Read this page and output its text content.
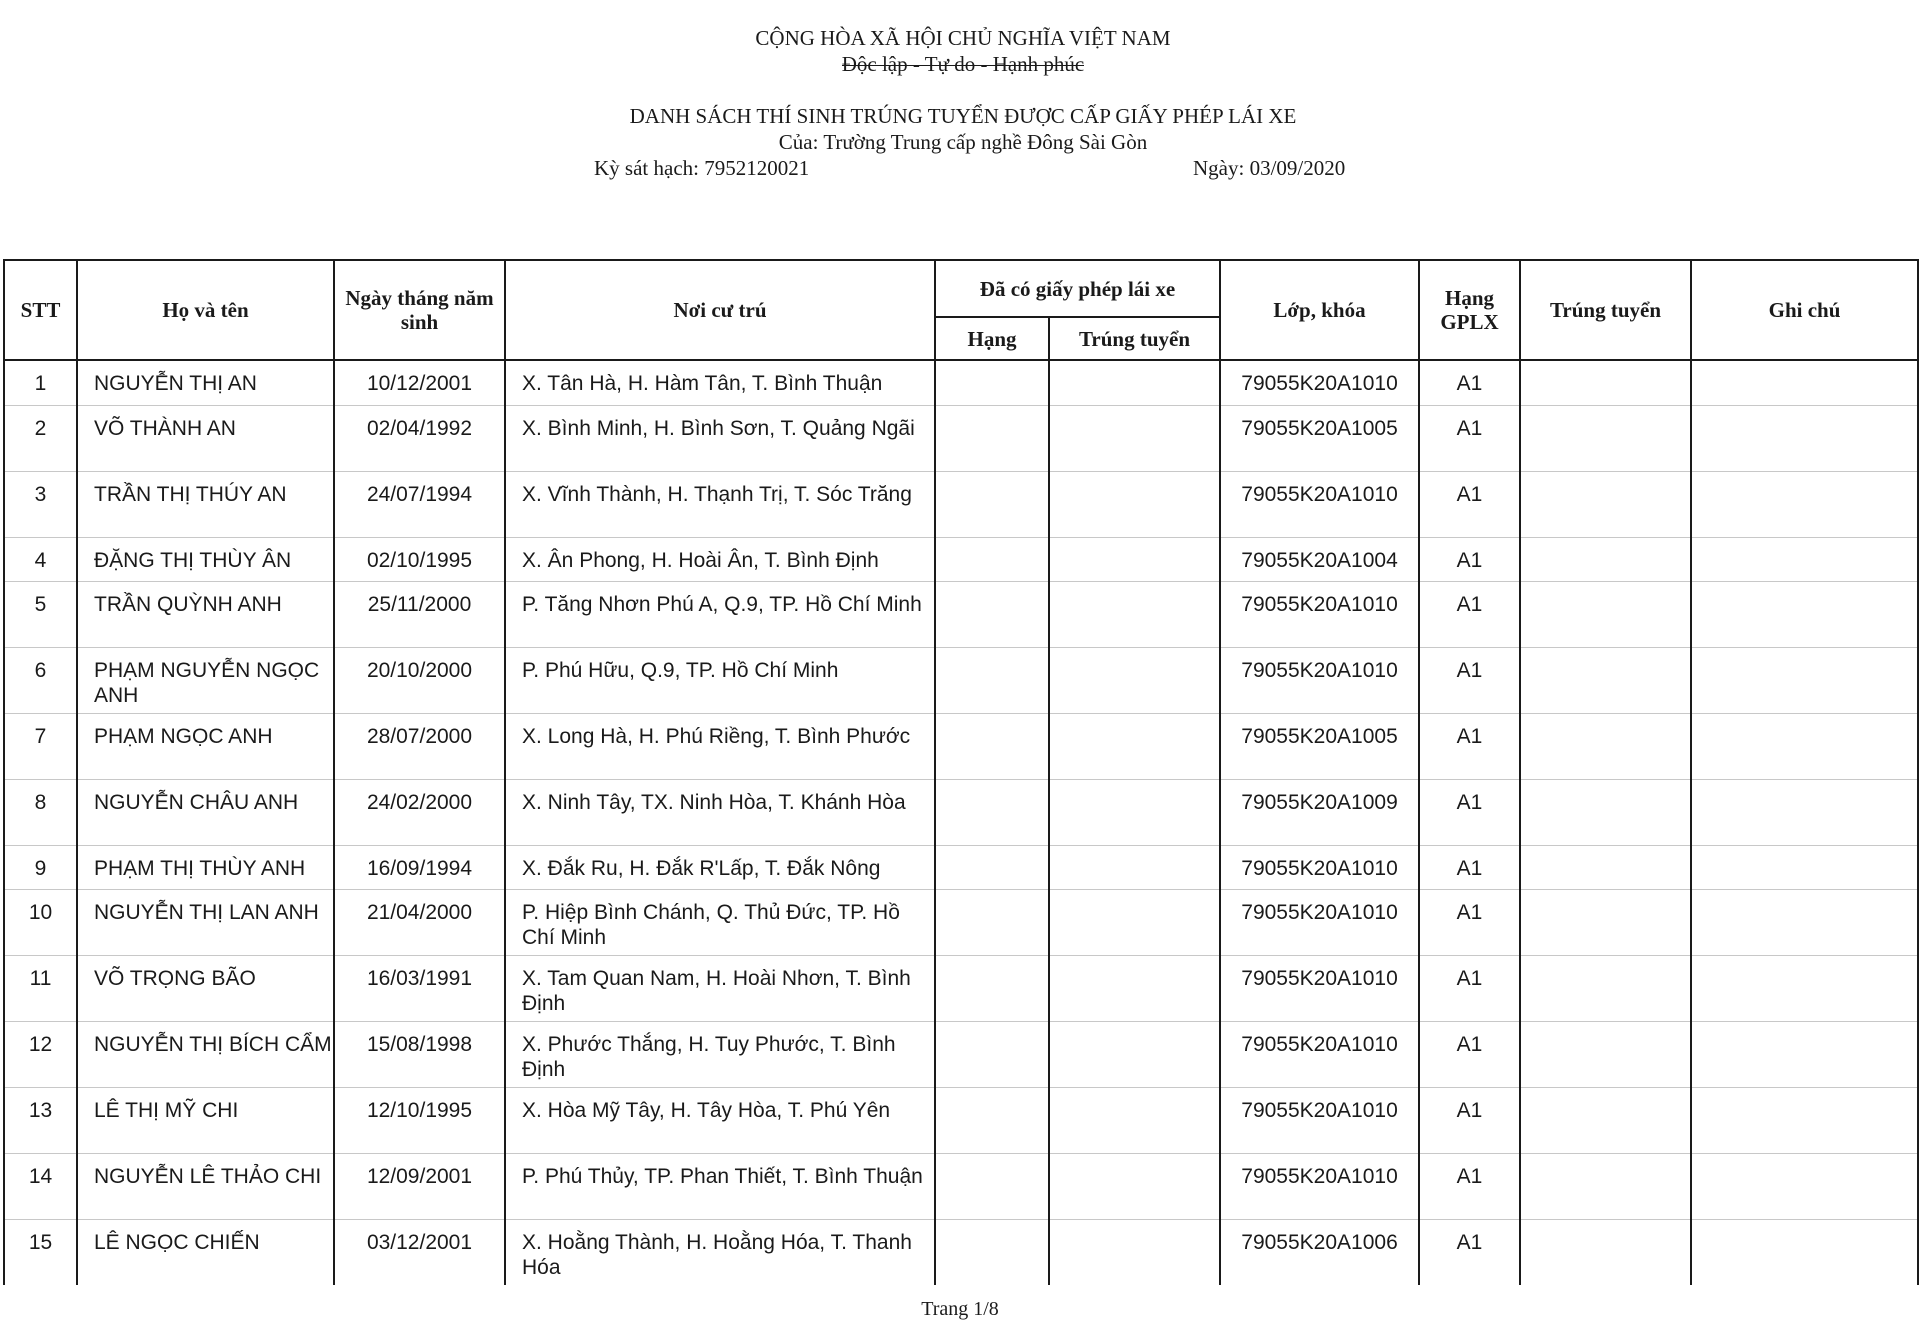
CỘNG HÒA XÃ HỘI CHỦ NGHĨA VIỆT NAM
Độc lập - Tự do - Hạnh phúc
DANH SÁCH THÍ SINH TRÚNG TUYỂN ĐƯỢC CẤP GIẤY PHÉP LÁI XE
Của: Trường Trung cấp nghề Đông Sài Gòn
Kỳ sát hạch: 7952120021	Ngày: 03/09/2020
STT	Họ và tên	Ngày tháng năm sinh	Nơi cư trú	Đã có giấy phép lái xe		Lớp, khóa	Hạng GPLX	Trúng tuyển	Ghi chú
				Hạng	Trúng tuyển				
1	NGUYỄN THỊ AN	10/12/2001	X. Tân Hà, H. Hàm Tân, T. Bình Thuận			79055K20A1010	A1		
2	VÕ THÀNH AN	02/04/1992	X. Bình Minh, H. Bình Sơn, T. Quảng Ngãi			79055K20A1005	A1		
3	TRẦN THỊ THÚY AN	24/07/1994	X. Vĩnh Thành, H. Thạnh Trị, T. Sóc Trăng			79055K20A1010	A1		
4	ĐẶNG THỊ THÙY ÂN	02/10/1995	X. Ân Phong, H. Hoài Ân, T. Bình Định			79055K20A1004	A1		
5	TRẦN QUỲNH ANH	25/11/2000	P. Tăng Nhơn Phú A, Q.9, TP. Hồ Chí Minh			79055K20A1010	A1		
6	PHẠM NGUYỄN NGỌC ANH	20/10/2000	P. Phú Hữu, Q.9, TP. Hồ Chí Minh			79055K20A1010	A1		
7	PHẠM NGỌC ANH	28/07/2000	X. Long Hà, H. Phú Riềng, T. Bình Phước			79055K20A1005	A1		
8	NGUYỄN CHÂU ANH	24/02/2000	X. Ninh Tây, TX. Ninh Hòa, T. Khánh Hòa			79055K20A1009	A1		
9	PHẠM THỊ THÙY ANH	16/09/1994	X. Đắk Ru, H. Đắk R'Lấp, T. Đắk Nông			79055K20A1010	A1		
10	NGUYỄN THỊ LAN ANH	21/04/2000	P. Hiệp Bình Chánh, Q. Thủ Đức, TP. Hồ Chí Minh			79055K20A1010	A1		
11	VÕ TRỌNG BÃO	16/03/1991	X. Tam Quan Nam, H. Hoài Nhơn, T. Bình Định			79055K20A1010	A1		
12	NGUYỄN THỊ BÍCH CẨM	15/08/1998	X. Phước Thắng, H. Tuy Phước, T. Bình Định			79055K20A1010	A1		
13	LÊ THỊ MỸ CHI	12/10/1995	X. Hòa Mỹ Tây, H. Tây Hòa, T. Phú Yên			79055K20A1010	A1		
14	NGUYỄN LÊ THẢO CHI	12/09/2001	P. Phú Thủy, TP. Phan Thiết, T. Bình Thuận			79055K20A1010	A1		
15	LÊ NGỌC CHIẾN	03/12/2001	X. Hoằng Thành, H. Hoằng Hóa, T. Thanh Hóa			79055K20A1006	A1		
Trang 1/8
